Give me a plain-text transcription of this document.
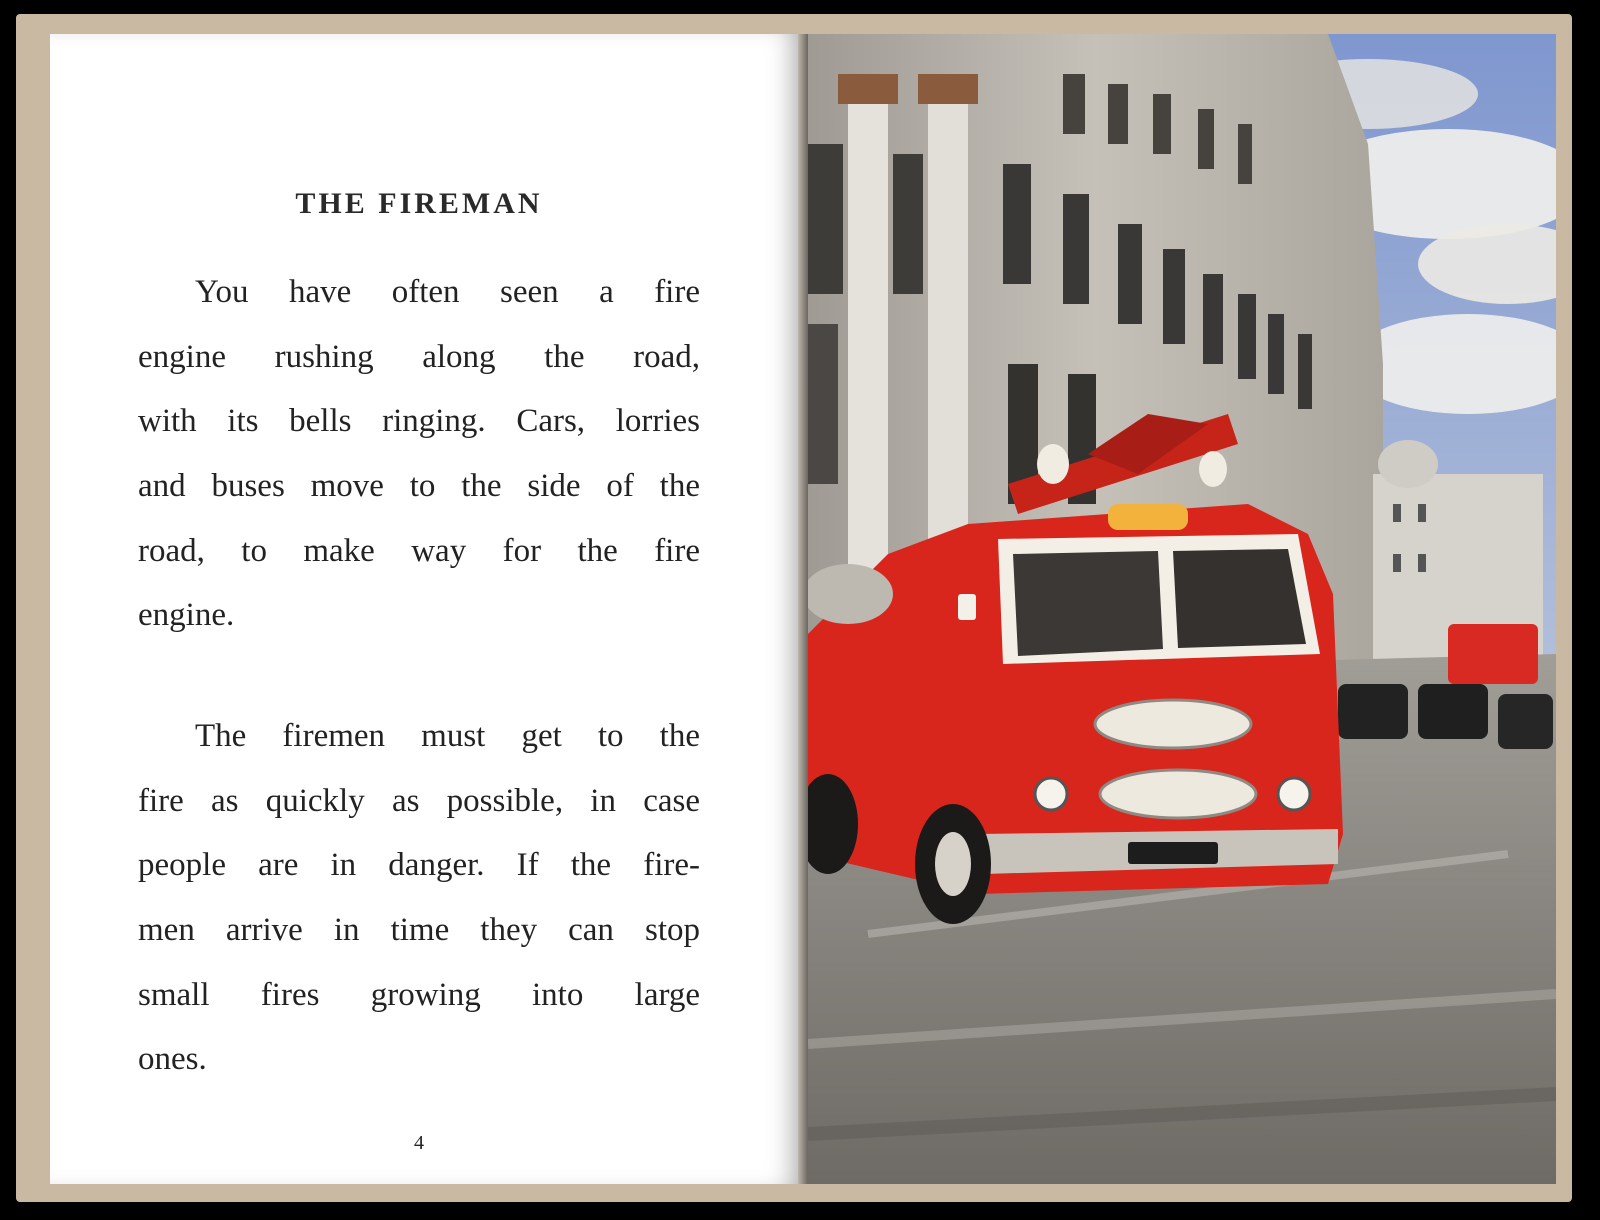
THE FIREMAN
You have often seen a fire
engine rushing along the road,
with its bells ringing. Cars, lorries
and buses move to the side of the
road, to make way for the fire
engine.
The firemen must get to the
fire as quickly as possible, in case
people are in danger. If the fire-
men arrive in time they can stop
small fires growing into large
ones.
4
